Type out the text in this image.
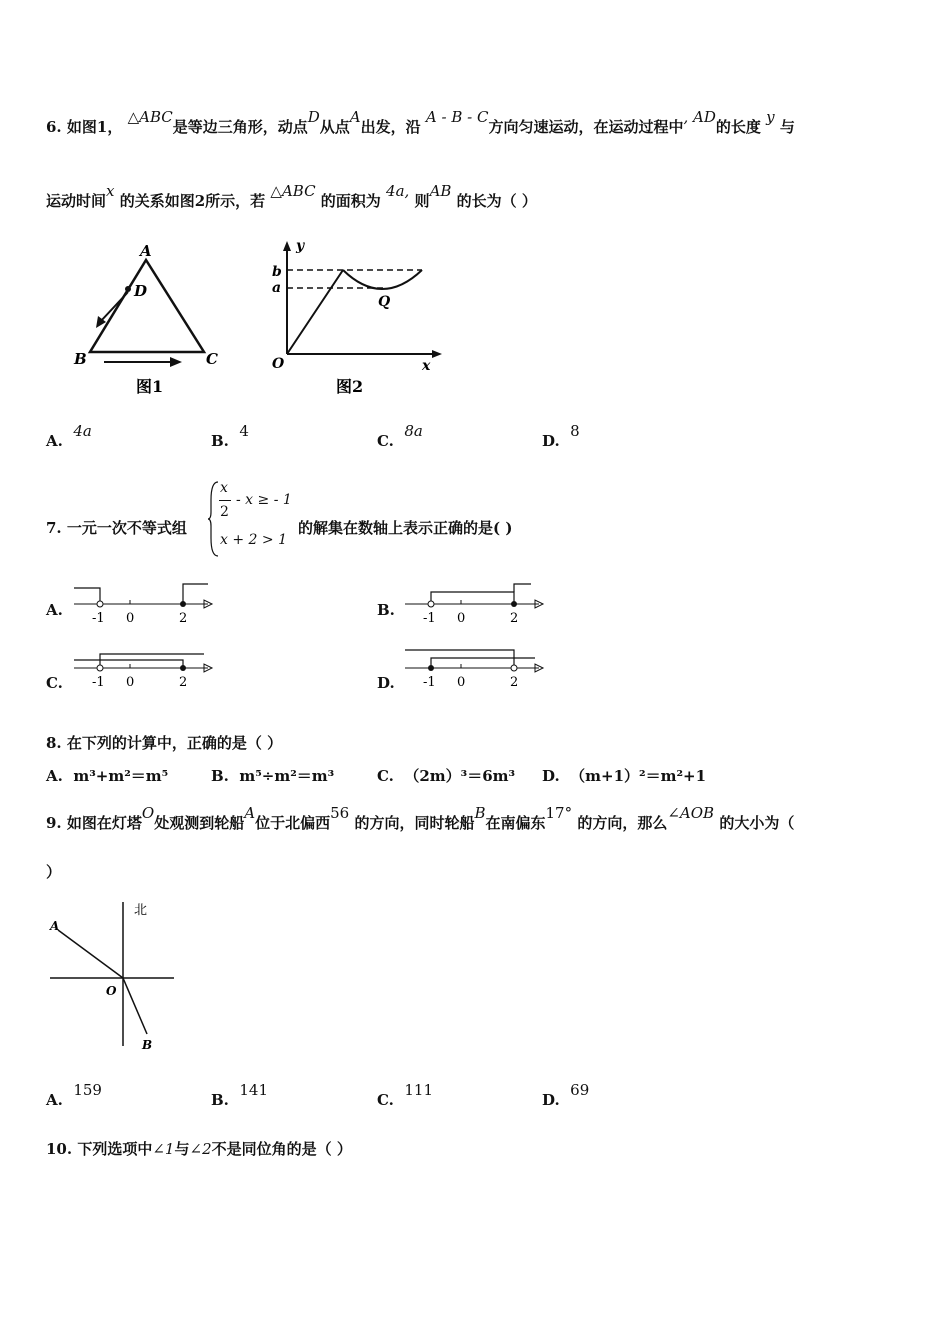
6. 如图1， △ABC是等边三角形，动点D从点A出发，沿 A - B - C方向匀速运动，在运动过程中, AD的长度 y 与
运动时间x 的关系如图2所示，若 △ABC 的面积为 4a, 则AB 的长为（ ）
A
D
B	C
图1
y
b
a
Q
O	x
图2
A.  4a
B.  4
C.  8a
D.  8
7. 一元一次不等式组
x
2
- x ≥ - 1
x + 2 > 1
的解集在数轴上表示正确的是( )
A. -1 0	2	B. -1 0	2
C. -1 0	2	D. -1 0	2
8. 在下列的计算中，正确的是（ ）
A. m³+m²＝m⁵	B. m⁵÷m²＝m³	C. （2m）³＝6m³ D. （m+1）²＝m²+1
9. 如图在灯塔O处观测到轮船A位于北偏西56 的方向，同时轮船B在南偏东17° 的方向，那么∠AOB 的大小为（
）
北
A
O
B
A.  159
B.  141
C.  111
D.  69
10. 下列选项中∠1与∠2不是同位角的是（ ）
